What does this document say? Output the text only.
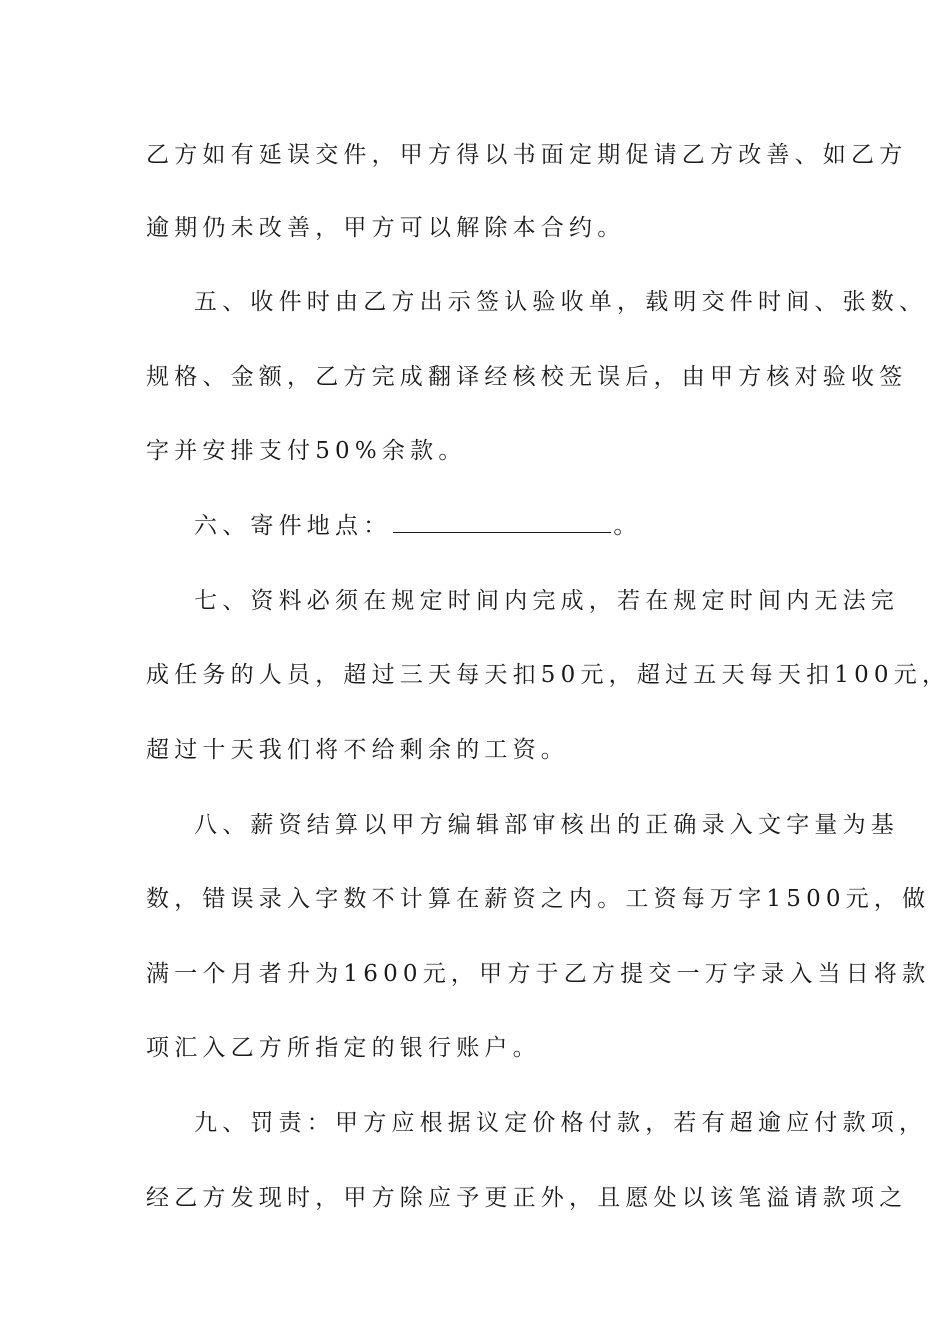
乙方如有延误交件，甲方得以书面定期促请乙方改善、如乙方
逾期仍未改善，甲方可以解除本合约。
五、收件时由乙方出示签认验收单，载明交件时间、张数、
规格、金额，乙方完成翻译经核校无误后，由甲方核对验收签
字并安排支付50%余款。
六、寄件地点：	。
七、资料必须在规定时间内完成，若在规定时间内无法完
成任务的人员，超过三天每天扣50元，超过五天每天扣100元，
超过十天我们将不给剩余的工资。
八、薪资结算以甲方编辑部审核出的正确录入文字量为基
数，错误录入字数不计算在薪资之内。工资每万字1500元，做
满一个月者升为1600元，甲方于乙方提交一万字录入当日将款
项汇入乙方所指定的银行账户。
九、罚责：甲方应根据议定价格付款，若有超逾应付款项，
经乙方发现时，甲方除应予更正外，且愿处以该笔溢请款项之
